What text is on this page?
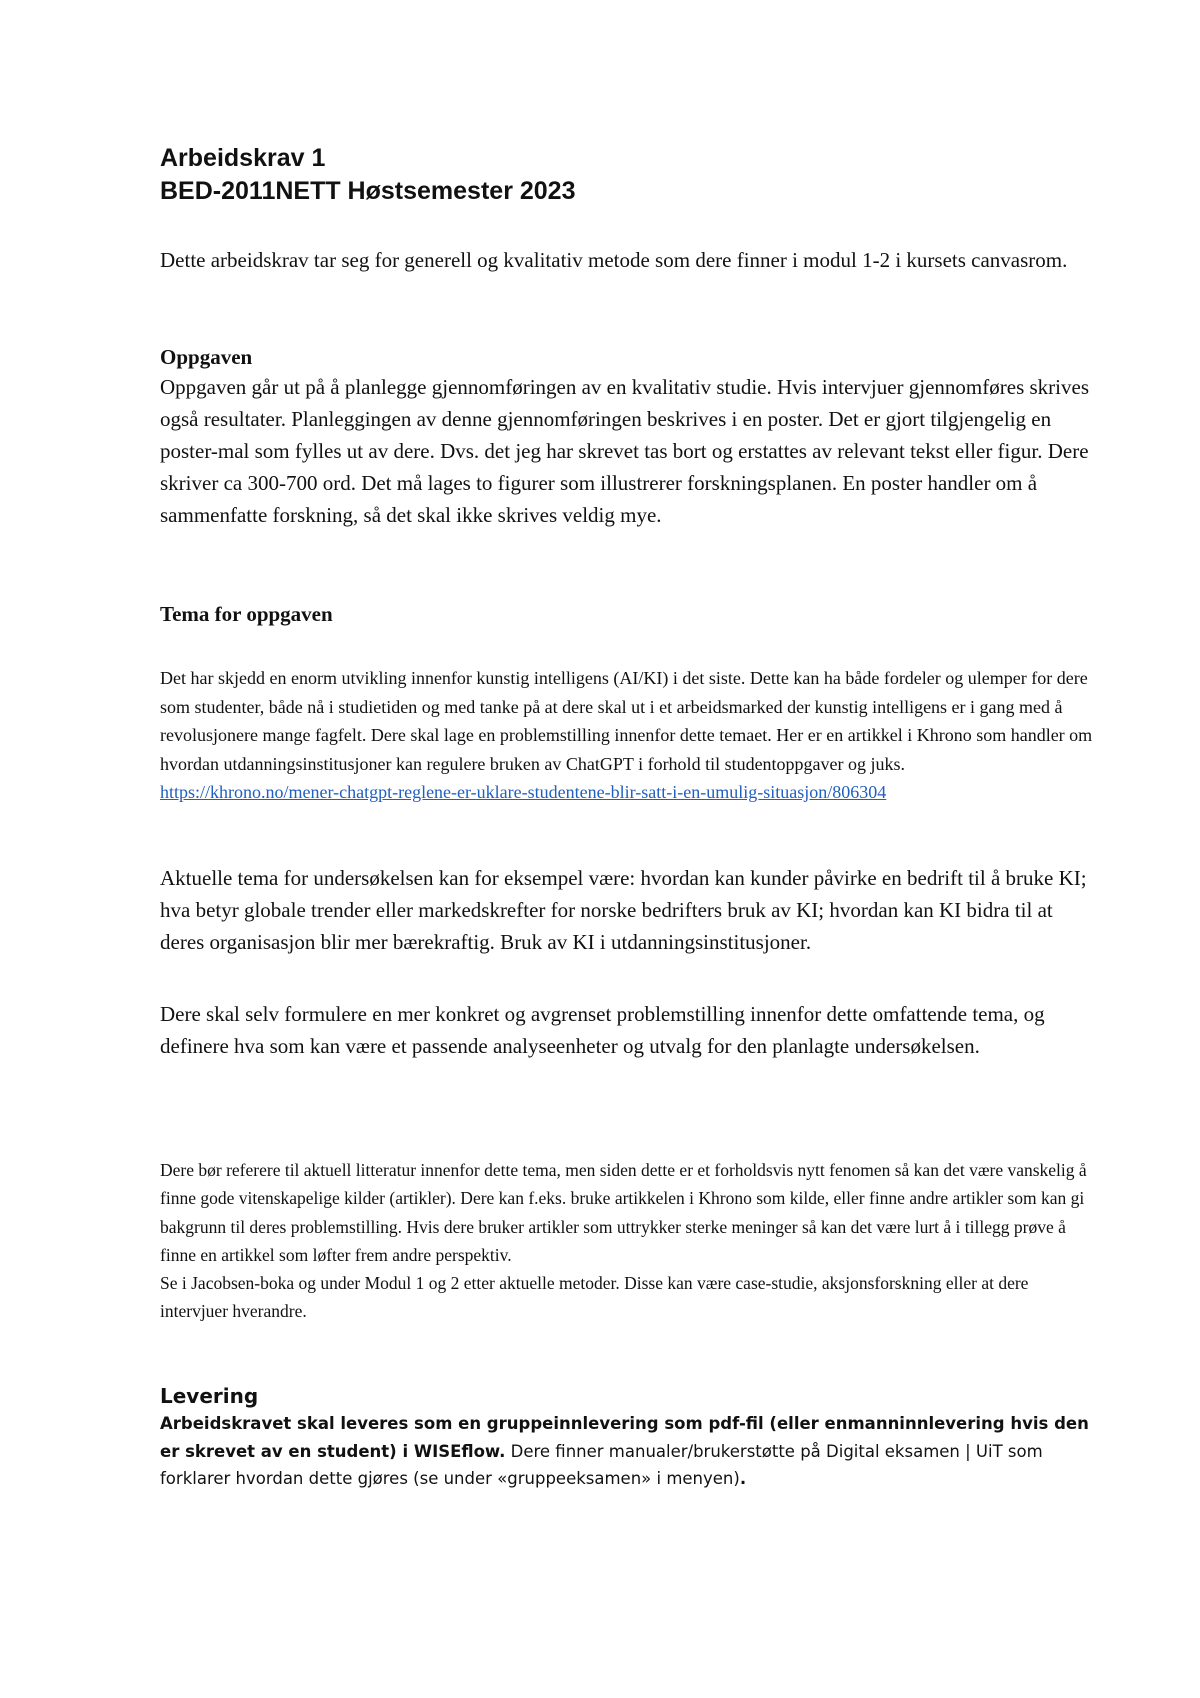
Arbeidskrav 1
BED-2011NETT Høstsemester 2023

Dette arbeidskrav tar seg for generell og kvalitativ metode som dere finner i modul 1-2 i kursets canvasrom.

Oppgaven

Oppgaven går ut på å planlegge gjennomføringen av en kvalitativ studie. Hvis intervjuer gjennomføres skrives også resultater. Planleggingen av denne gjennomføringen beskrives i en poster. Det er gjort tilgjengelig en poster-mal som fylles ut av dere. Dvs. det jeg har skrevet tas bort og erstattes av relevant tekst eller figur. Dere skriver ca 300-700 ord. Det må lages to figurer som illustrerer forskningsplanen. En poster handler om å sammenfatte forskning, så det skal ikke skrives veldig mye.

Tema for oppgaven

Det har skjedd en enorm utvikling innenfor kunstig intelligens (AI/KI) i det siste. Dette kan ha både fordeler og ulemper for dere som studenter, både nå i studietiden og med tanke på at dere skal ut i et arbeidsmarked der kunstig intelligens er i gang med å revolusjonere mange fagfelt. Dere skal lage en problemstilling innenfor dette temaet. Her er en artikkel i Khrono som handler om hvordan utdanningsinstitusjoner kan regulere bruken av ChatGPT i forhold til studentoppgaver og juks.
https://khrono.no/mener-chatgpt-reglene-er-uklare-studentene-blir-satt-i-en-umulig-situasjon/806304

Aktuelle tema for undersøkelsen kan for eksempel være: hvordan kan kunder påvirke en bedrift til å bruke KI; hva betyr globale trender eller markedskrefter for norske bedrifters bruk av KI; hvordan kan KI bidra til at deres organisasjon blir mer bærekraftig. Bruk av KI i utdanningsinstitusjoner.

Dere skal selv formulere en mer konkret og avgrenset problemstilling innenfor dette omfattende tema, og definere hva som kan være et passende analyseenheter og utvalg for den planlagte undersøkelsen.

Dere bør referere til aktuell litteratur innenfor dette tema, men siden dette er et forholdsvis nytt fenomen så kan det være vanskelig å finne gode vitenskapelige kilder (artikler). Dere kan f.eks. bruke artikkelen i Khrono som kilde, eller finne andre artikler som kan gi bakgrunn til deres problemstilling. Hvis dere bruker artikler som uttrykker sterke meninger så kan det være lurt å i tillegg prøve å finne en artikkel som løfter frem andre perspektiv.
Se i Jacobsen-boka og under Modul 1 og 2 etter aktuelle metoder. Disse kan være case-studie, aksjonsforskning eller at dere intervjuer hverandre.

Levering

Arbeidskravet skal leveres som en gruppeinnlevering som pdf-fil (eller enmanninnlevering hvis den er skrevet av en student) i WISEflow. Dere finner manualer/brukerstøtte på Digital eksamen | UiT som forklarer hvordan dette gjøres (se under «gruppeeksamen» i menyen).
